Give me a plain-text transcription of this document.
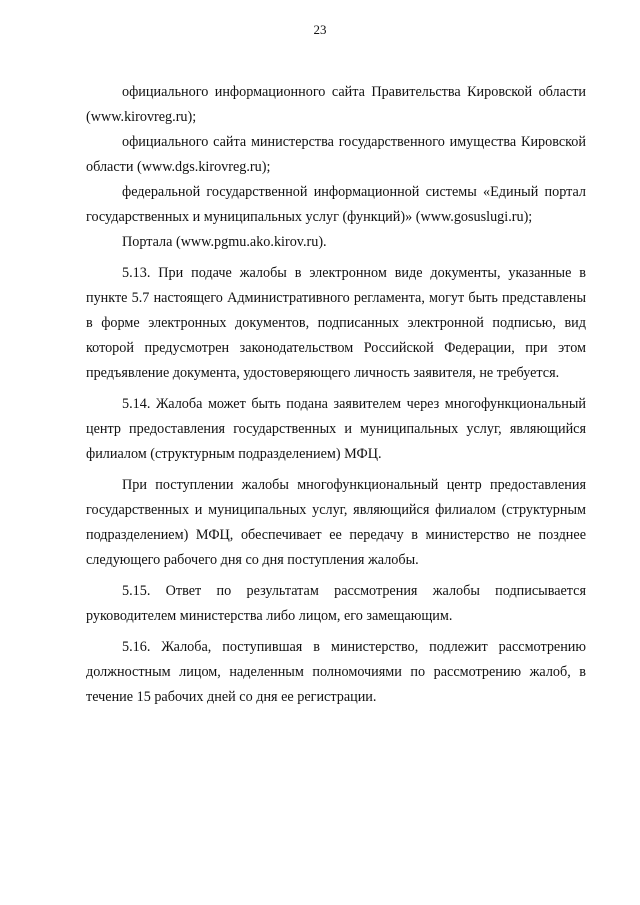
23

официального информационного сайта Правительства Кировской области (www.kirovreg.ru);

официального сайта министерства государственного имущества Кировской области (www.dgs.kirovreg.ru);

федеральной государственной информационной системы «Единый портал государственных и муниципальных услуг (функций)» (www.gosuslugi.ru);

Портала (www.pgmu.ako.kirov.ru).

5.13. При подаче жалобы в электронном виде документы, указанные в пункте 5.7 настоящего Административного регламента, могут быть представлены в форме электронных документов, подписанных электронной подписью, вид которой предусмотрен законодательством Российской Федерации, при этом предъявление документа, удостоверяющего личность заявителя, не требуется.

5.14. Жалоба может быть подана заявителем через многофункциональный центр предоставления государственных и муниципальных услуг, являющийся филиалом (структурным подразделением) МФЦ.

При поступлении жалобы многофункциональный центр предоставления государственных и муниципальных услуг, являющийся филиалом (структурным подразделением) МФЦ, обеспечивает ее передачу в министерство не позднее следующего рабочего дня со дня поступления жалобы.

5.15. Ответ по результатам рассмотрения жалобы подписывается руководителем министерства либо лицом, его замещающим.

5.16. Жалоба, поступившая в министерство, подлежит рассмотрению должностным лицом, наделенным полномочиями по рассмотрению жалоб, в течение 15 рабочих дней со дня ее регистрации.
